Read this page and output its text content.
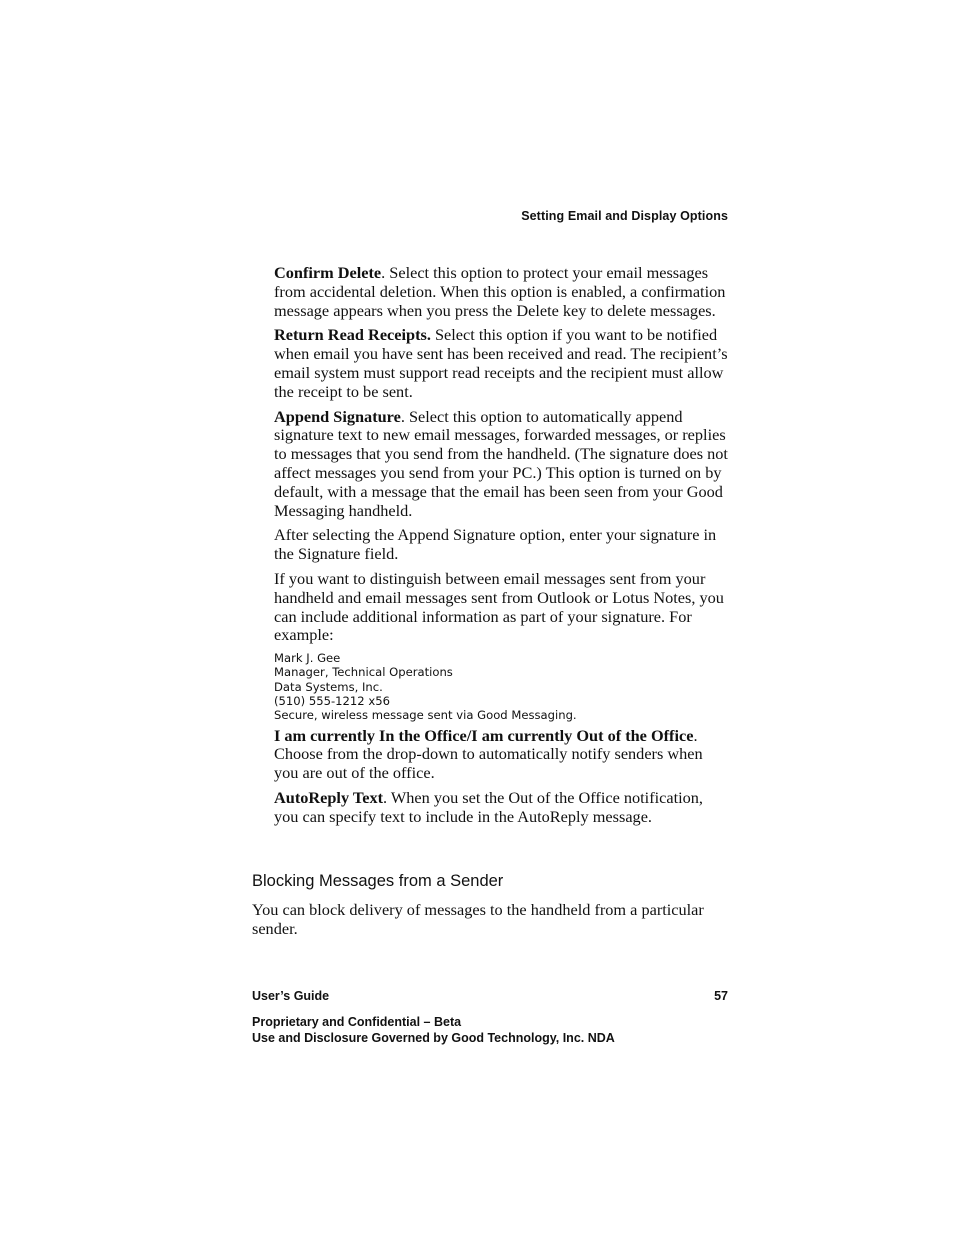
Setting Email and Display Options

Confirm Delete. Select this option to protect your email messages from accidental deletion. When this option is enabled, a confirmation message appears when you press the Delete key to delete messages.

Return Read Receipts. Select this option if you want to be notified when email you have sent has been received and read. The recipient’s email system must support read receipts and the recipient must allow the receipt to be sent.

Append Signature. Select this option to automatically append signature text to new email messages, forwarded messages, or replies to messages that you send from the handheld. (The signature does not affect messages you send from your PC.) This option is turned on by default, with a message that the email has been seen from your Good Messaging handheld.

After selecting the Append Signature option, enter your signature in the Signature field.

If you want to distinguish between email messages sent from your handheld and email messages sent from Outlook or Lotus Notes, you can include additional information as part of your signature. For example:

Mark J. Gee
Manager, Technical Operations
Data Systems, Inc.
(510) 555-1212 x56
Secure, wireless message sent via Good Messaging.

I am currently In the Office/I am currently Out of the Office. Choose from the drop-down to automatically notify senders when you are out of the office.

AutoReply Text. When you set the Out of the Office notification, you can specify text to include in the AutoReply message.

Blocking Messages from a Sender

You can block delivery of messages to the handheld from a particular sender.

User’s Guide	57
Proprietary and Confidential – Beta
Use and Disclosure Governed by Good Technology, Inc. NDA
